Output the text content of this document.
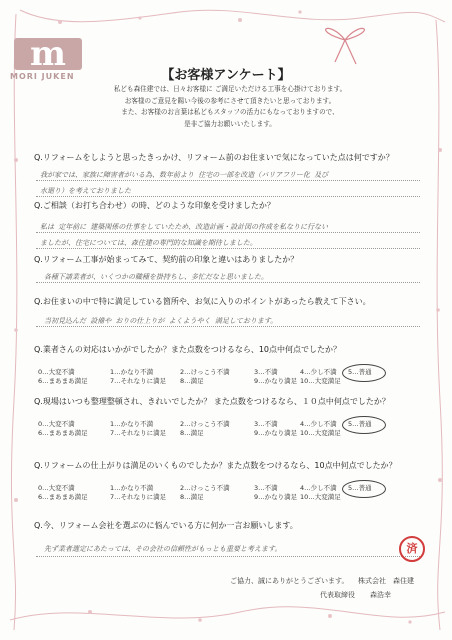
m
MORI JUKEN	【お客様アンケート】
私ども森住建では、日々お客様に ご満足いただける工事を心掛けております。
お客様のご意見を賜い今後の参考にさせて頂きたいと思っております。
また、お客様のお言葉は私どもスタッフの活力にもなっておりますので、
是非ご協力お願いいたします。
Q.リフォームをしようと思ったきっかけ、リフォーム前のお住まいで気になっていた点は何ですか？
我が家では、家族に障害者がいる為、数年前より 住宅の一部を改造（バリアフリー化 及び
水廻り）を考えておりました
Q.ご相談（お打ち合わせ）の時、どのような印象を受けましたか？
私は 定年前に 建築関係の仕事をしていたため、改造計画・設計図の作成を私なりに行ない
ましたが、住宅については、森住建の専門的な知識を期待しました。
Q.リフォーム工事が始まってみて、契約前の印象と違いはありましたか？
各種下請業者が、いくつかの職種を掛持ちし、多忙だなと思いました。
Q.お住まいの中で特に満足している箇所や、お気に入りのポイントがあったら教えて下さい。
当初見込んだ 設備や おりの仕上りが よくようやく 満足しております。
Q.業者さんの対応はいかがでしたか？また点数をつけるなら、10点中何点でしたか？
0…大変不満	1…かなり不満	2…けっこう不満	3…不満	4…少し不満 5…普通
6…まあまあ満足	7…それなりに満足 8…満足	9…かなり満足 10…大変満足
Q.現場はいつも整理整頓され、きれいでしたか？ また点数をつけるなら、１０点中何点でしたか？
0…大変不満	1…かなり不満	2…けっこう不満	3…不満	4…少し不満 5…普通
6…まあまあ満足	7…それなりに満足 8…満足	9…かなり満足 10…大変満足
Q.リフォームの仕上がりは満足のいくものでしたか？また点数をつけるなら、10点中何点でしたか？
0…大変不満	1…かなり不満	2…けっこう不満	3…不満	4…少し不満 5…普通
6…まあまあ満足	7…それなりに満足 8…満足	9…かなり満足 10…大変満足
Q.今、リフォーム会社を選ぶのに悩んでいる方に何か一言お願いします。
先ず業者選定にあたっては、その会社の信頼性がもっとも重要と考えます。	済
ご協力、誠にありがとうございます。 株式会社　森住建
代表取締役 森浩幸
